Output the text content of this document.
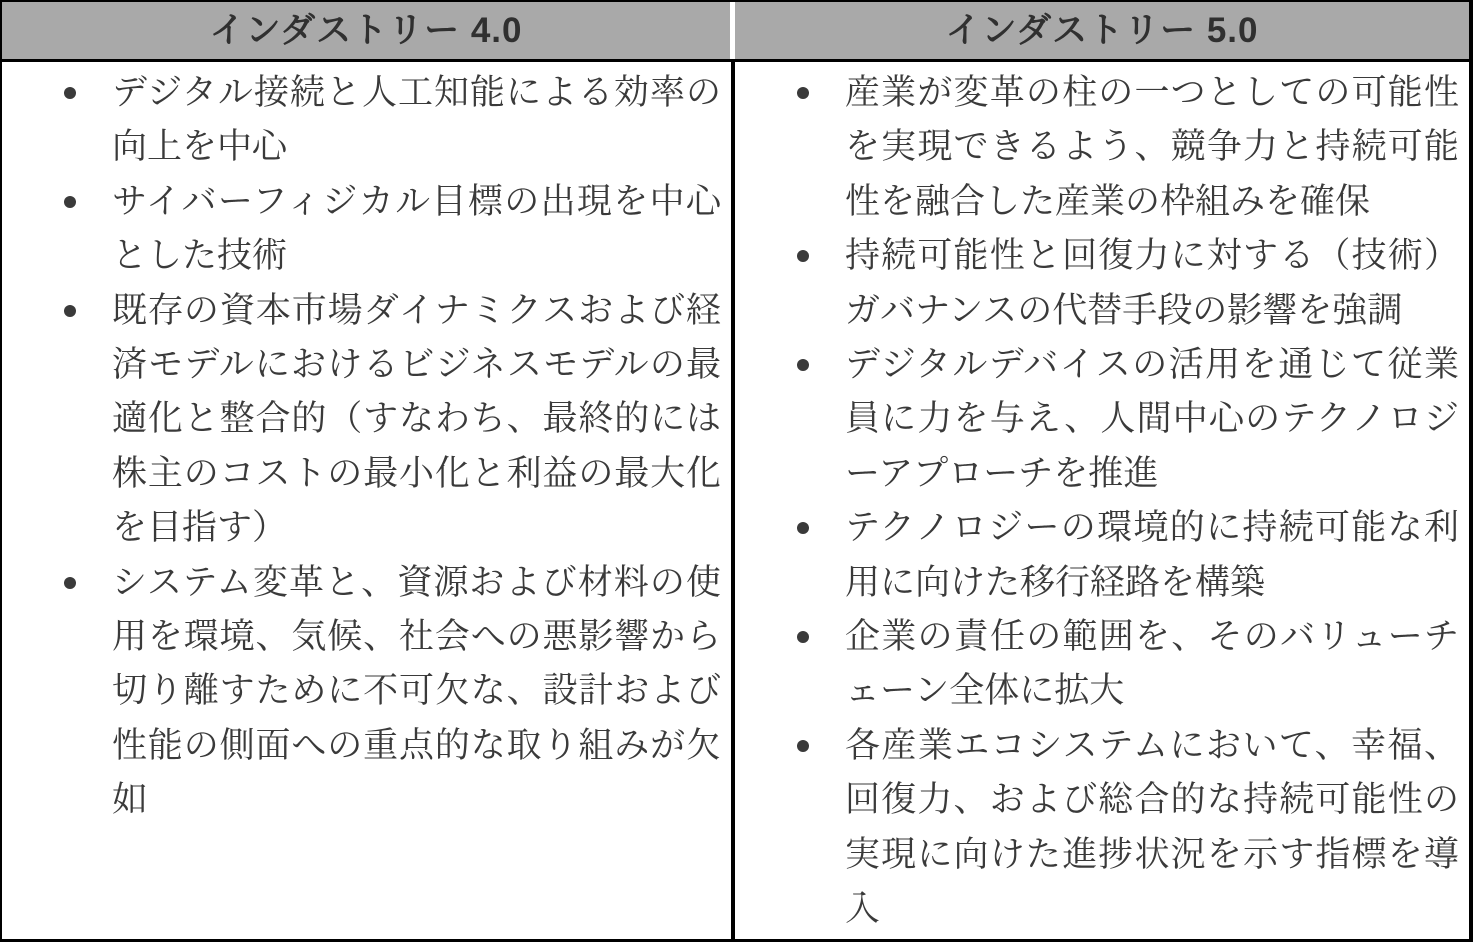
インダストリー 4.0	インダストリー 5.0
デジタル接続と人工知能による効率の向上を中心
サイバーフィジカル目標の出現を中心とした技術
既存の資本市場ダイナミクスおよび経済モデルにおけるビジネスモデルの最適化と整合的（すなわち、最終的には株主のコストの最小化と利益の最大化を目指す）
システム変革と、資源および材料の使用を環境、気候、社会への悪影響から切り離すために不可欠な、設計および性能の側面への重点的な取り組みが欠如
産業が変革の柱の一つとしての可能性を実現できるよう、競争力と持続可能性を融合した産業の枠組みを確保
持続可能性と回復力に対する（技術）ガバナンスの代替手段の影響を強調
デジタルデバイスの活用を通じて従業員に力を与え、人間中心のテクノロジーアプローチを推進
テクノロジーの環境的に持続可能な利用に向けた移行経路を構築
企業の責任の範囲を、そのバリューチェーン全体に拡大
各産業エコシステムにおいて、幸福、回復力、および総合的な持続可能性の実現に向けた進捗状況を示す指標を導入
